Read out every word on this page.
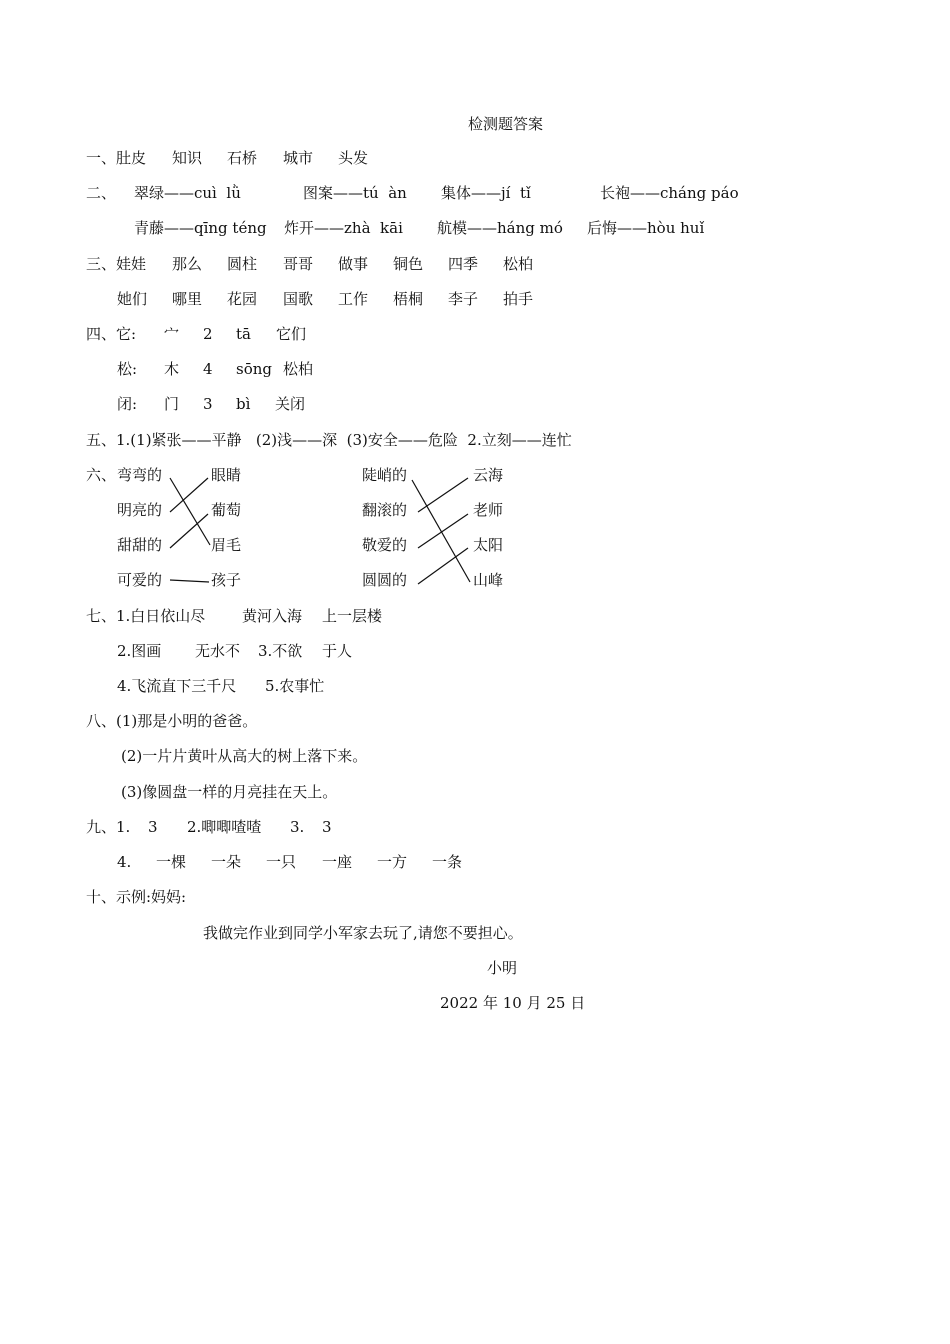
检测题答案
一、肚皮 知识 石桥 城市 头发
二、 翠绿——cuì  lǜ	图案——tú  àn 集体——jí  tǐ	长袍——cháng páo
青藤——qīng téng 炸开——zhà  kāi 航模——háng mó 后悔——hòu huǐ
三、娃娃 那么 圆柱 哥哥 做事 铜色 四季 松柏
她们 哪里 花园 国歌 工作 梧桐 李子 拍手
四、它: 宀 2 tā 它们
松: 木 4 sōng 松柏
闭: 门 3 bì 关闭
五、1.(1)紧张——平静   (2)浅——深  (3)安全——危险  2.立刻——连忙
六、 弯弯的
明亮的
甜甜的
可爱的
眼睛
葡萄
眉毛
孩子
陡峭的
翻滚的
敬爱的
圆圆的
云海
老师
太阳
山峰
七、1.白日依山尽 黄河入海 上一层楼
2.图画 无水不 3.不欲 于人
4.飞流直下三千尺 5.农事忙
八、(1)那是小明的爸爸。
(2)一片片黄叶从高大的树上落下来。
(3)像圆盘一样的月亮挂在天上。
九、1. 3 2.唧唧喳喳 3. 3
4. 一棵 一朵 一只 一座 一方 一条
十、示例:妈妈:
我做完作业到同学小军家去玩了,请您不要担心。
小明
2022 年 10 月 25 日
